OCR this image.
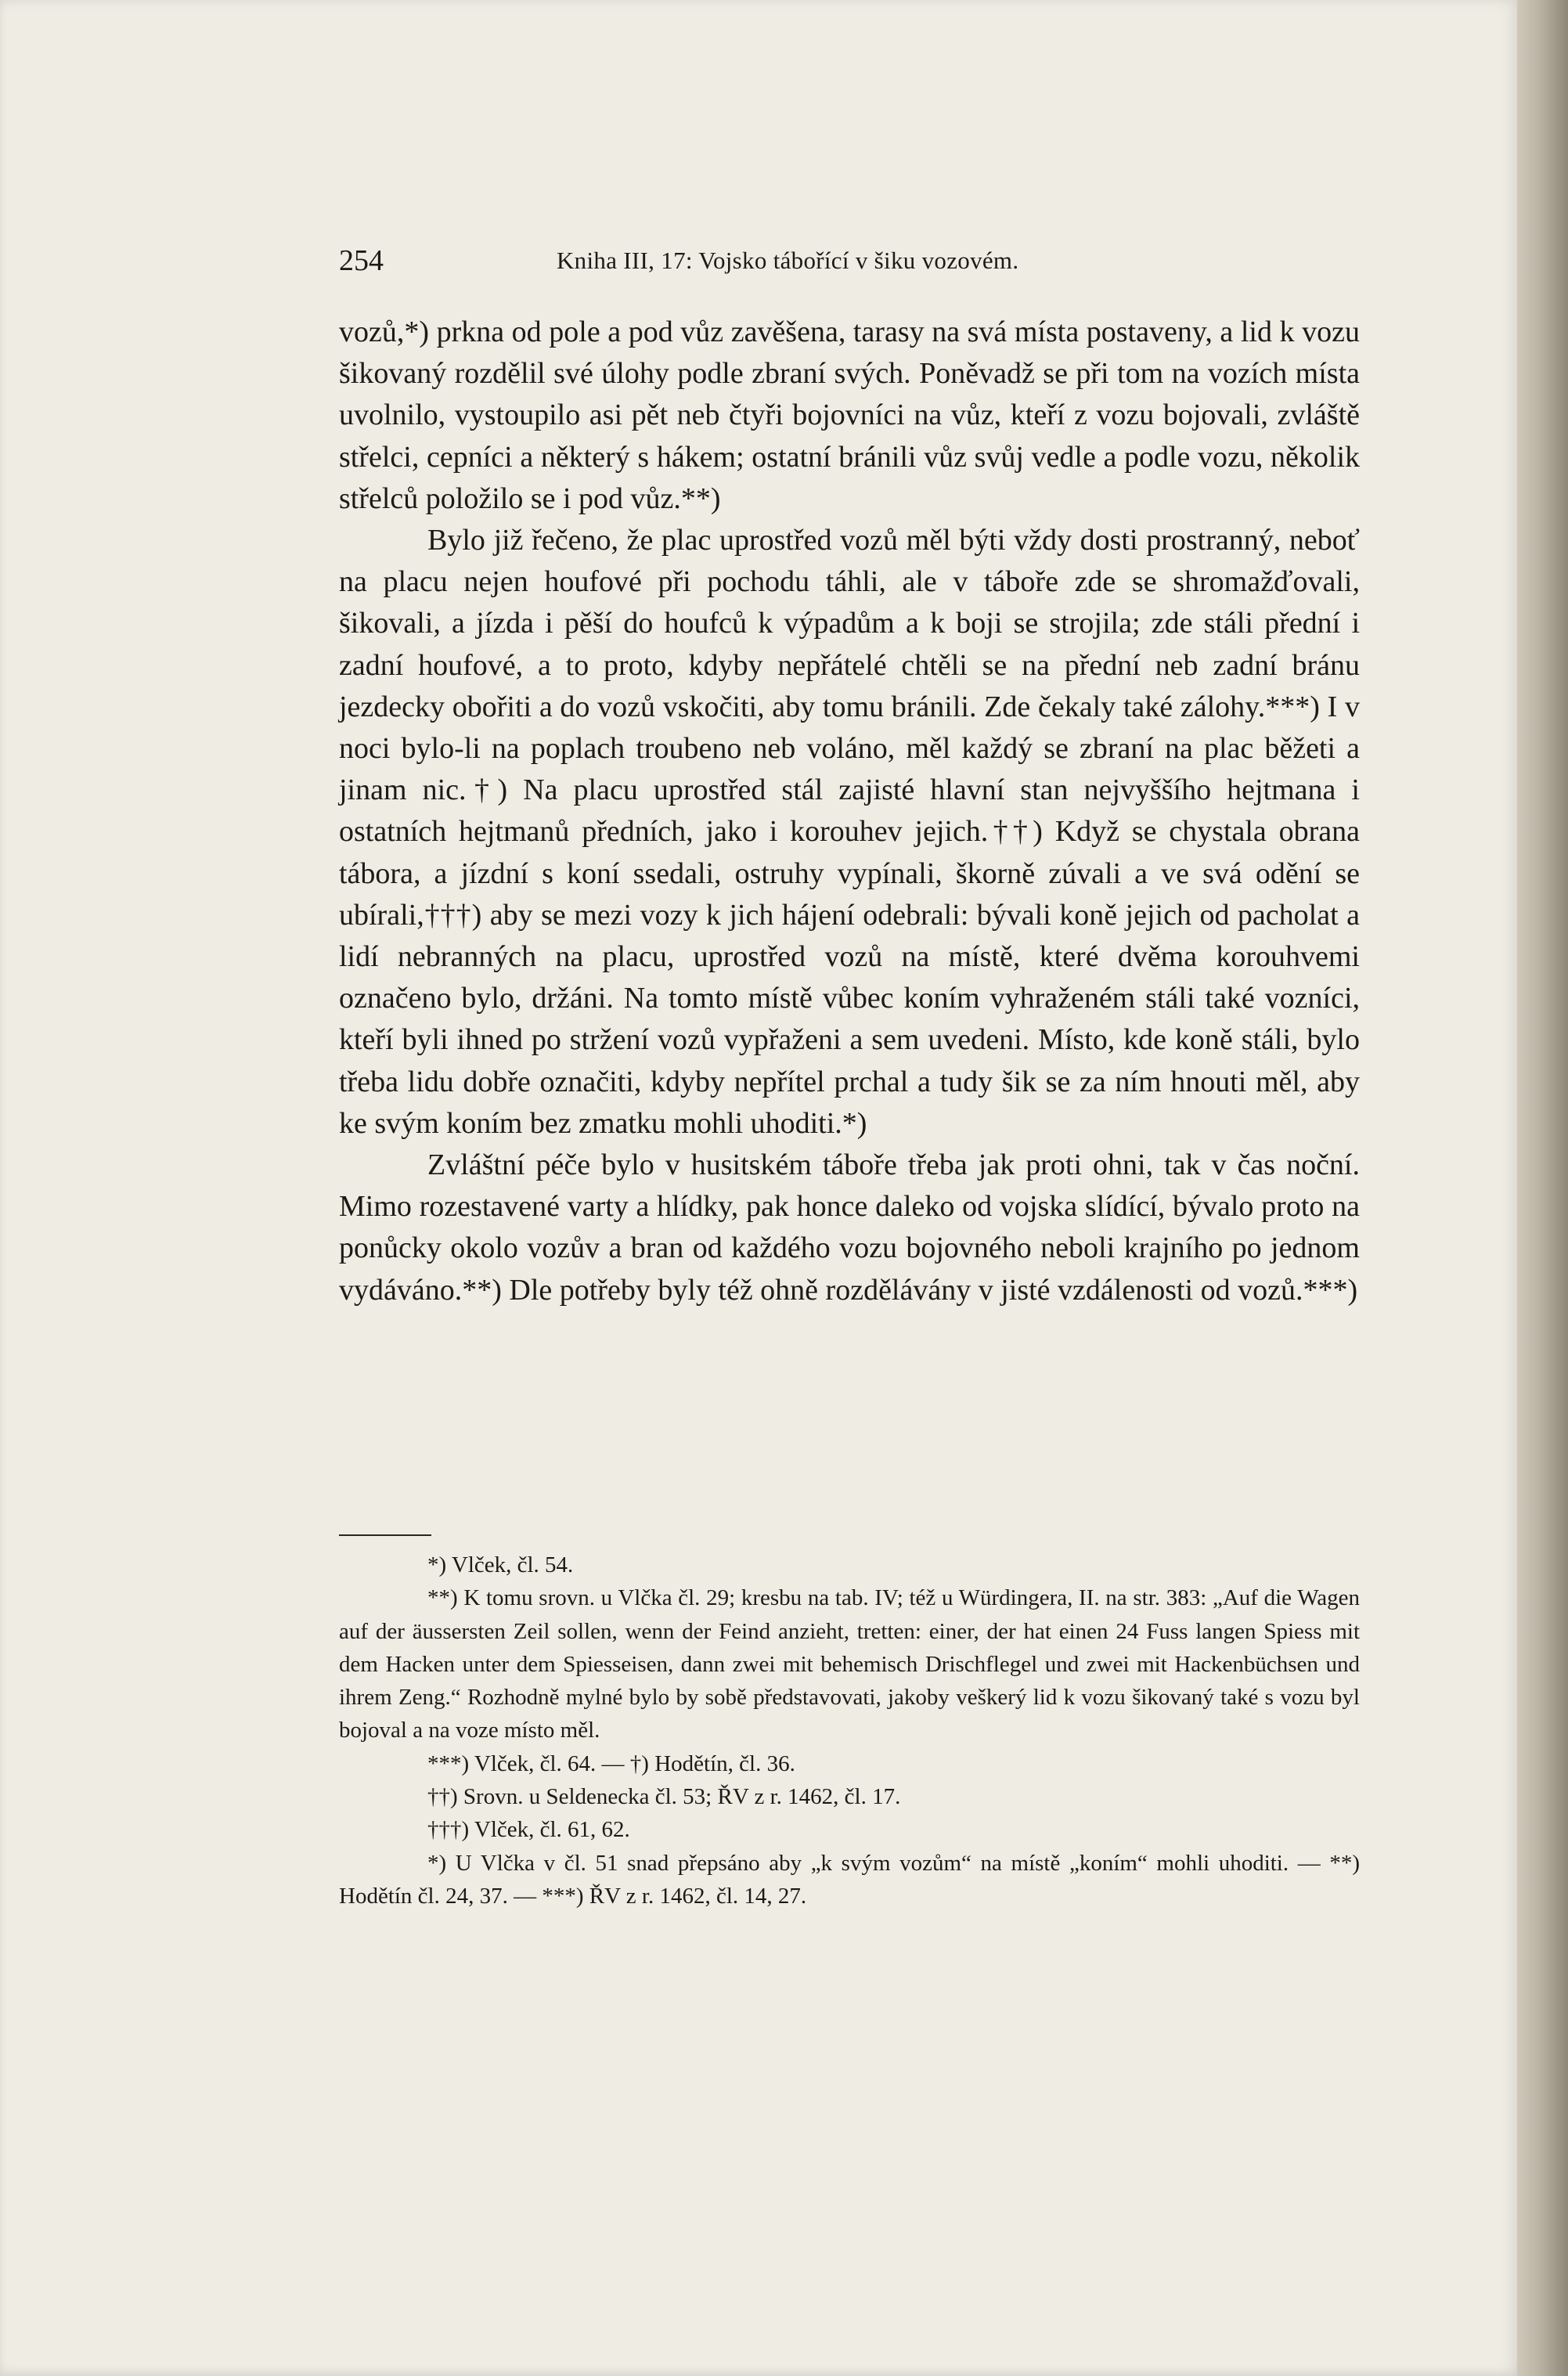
254	Kniha III, 17: Vojsko tábořící v šiku vozovém.

vozů,*) prkna od pole a pod vůz zavěšena, tarasy na svá místa postaveny, a lid k vozu šikovaný rozdělil své úlohy podle zbraní svých. Poněvadž se při tom na vozích místa uvolnilo, vystoupilo asi pět neb čtyři bojovníci na vůz, kteří z vozu bojovali, zvláště střelci, cepníci a některý s hákem; ostatní bránili vůz svůj vedle a podle vozu, několik střelců položilo se i pod vůz.**)

Bylo již řečeno, že plac uprostřed vozů měl býti vždy dosti prostranný, neboť na placu nejen houfové při pochodu táhli, ale v táboře zde se shromažďovali, šikovali, a jízda i pěší do houfců k výpadům a k boji se strojila; zde stáli přední i zadní houfové, a to proto, kdyby nepřátelé chtěli se na přední neb zadní bránu jezdecky obořiti a do vozů vskočiti, aby tomu bránili. Zde čekaly také zálohy.***) I v noci bylo-li na poplach troubeno neb voláno, měl každý se zbraní na plac běžeti a jinam nic.†) Na placu uprostřed stál zajisté hlavní stan nejvyššího hejtmana i ostatních hejtmanů předních, jako i korouhev jejich.††) Když se chystala obrana tábora, a jízdní s koní ssedali, ostruhy vypínali, škorně zúvali a ve svá odění se ubírali,†††) aby se mezi vozy k jich hájení odebrali: bývali koně jejich od pacholat a lidí nebranných na placu, uprostřed vozů na místě, které dvěma korouhvemi označeno bylo, držáni. Na tomto místě vůbec koním vyhraženém stáli také vozníci, kteří byli ihned po stržení vozů vypřaženi a sem uvedeni. Místo, kde koně stáli, bylo třeba lidu dobře označiti, kdyby nepřítel prchal a tudy šik se za ním hnouti měl, aby ke svým koním bez zmatku mohli uhoditi.*)

Zvláštní péče bylo v husitském táboře třeba jak proti ohni, tak v čas noční. Mimo rozestavené varty a hlídky, pak honce daleko od vojska slídící, bývalo proto na ponůcky okolo vozův a bran od každého vozu bojovného neboli krajního po jednom vydáváno.**) Dle potřeby byly též ohně rozdělávány v jisté vzdálenosti od vozů.***)

*) Vlček, čl. 54.

**) K tomu srovn. u Vlčka čl. 29; kresbu na tab. IV; též u Würdingera, II. na str. 383: „Auf die Wagen auf der äussersten Zeil sollen, wenn der Feind anzieht, tretten: einer, der hat einen 24 Fuss langen Spiess mit dem Hacken unter dem Spiesseisen, dann zwei mit behemisch Drischflegel und zwei mit Hackenbüchsen und ihrem Zeng.“ Rozhodně mylné bylo by sobě představovati, jakoby veškerý lid k vozu šikovaný také s vozu byl bojoval a na voze místo měl.

***) Vlček, čl. 64. — †) Hodětín, čl. 36.

††) Srovn. u Seldenecka čl. 53; ŘV z r. 1462, čl. 17.

†††) Vlček, čl. 61, 62.

*) U Vlčka v čl. 51 snad přepsáno aby „k svým vozům“ na místě „koním“ mohli uhoditi. — **) Hodětín čl. 24, 37. — ***) ŘV z r. 1462, čl. 14, 27.
